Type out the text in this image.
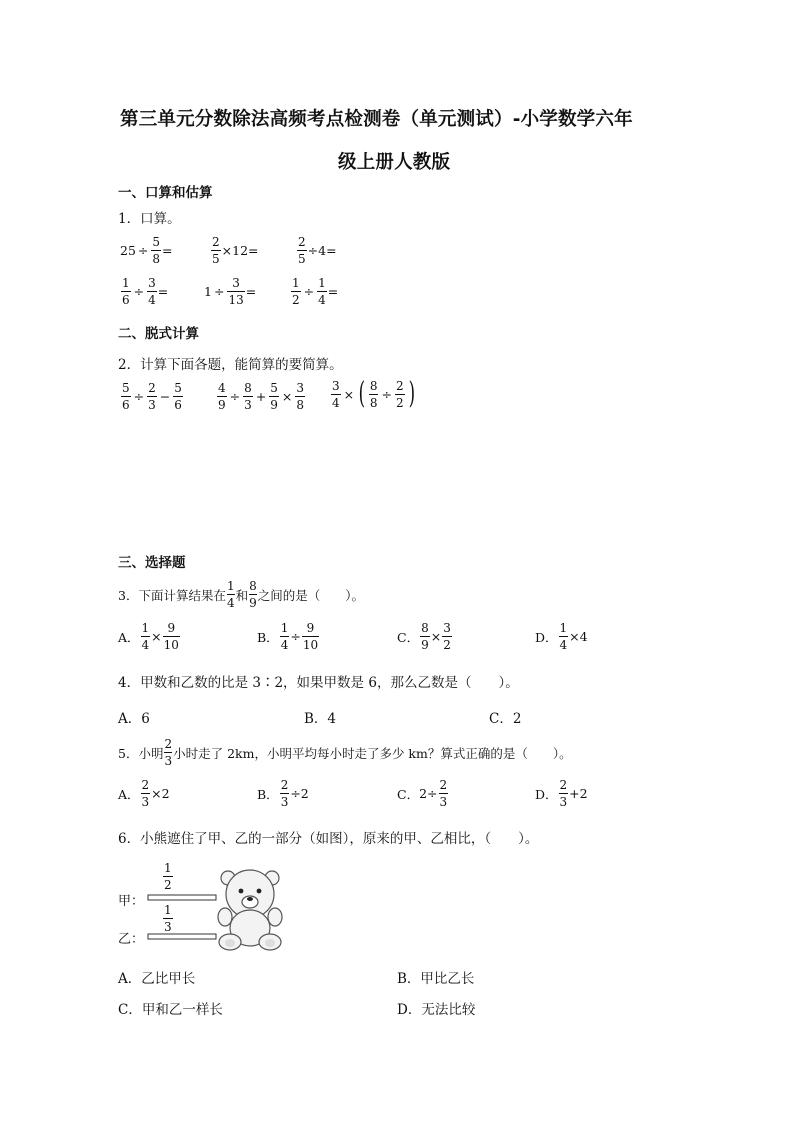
第三单元分数除法高频考点检测卷（单元测试）-小学数学六年
级上册人教版
一、口算和估算
1．口算。
$25 \div \frac{5}{8}$ =	$\frac{2}{5} \times 12$ =	$\frac{2}{5} \div 4$ =
$\frac{1}{6} \div \frac{3}{4}$ =	$1 \div \frac{3}{13}$ =	$\frac{1}{2} \div \frac{1}{4}$ =
二、脱式计算
2．计算下面各题，能简算的要简算。
$\frac{5}{6} \div \frac{2}{3} - \frac{5}{6}$	$\frac{4}{9} \div \frac{8}{3} + \frac{5}{9} \times \frac{3}{8} \frac{3}{4}$ × ( $\frac{8}{8} \div \frac{2}{2}$ )
三、选择题
3．下面计算结果在 $\frac{1}{4}$ 和 $\frac{8}{9}$ 之间的是（　　）。
A． $\frac{1}{4} \times \frac{9}{10}$	B． $\frac{1}{4} \div \frac{9}{10}$	C． $\frac{8}{9} \times \frac{3}{2}$	D． $\frac{1}{4} \times 4$
4．甲数和乙数的比是 3∶2，如果甲数是 6，那么乙数是（　　）。
A．6	B．4	C．2
5．小明 $\frac{2}{3}$ 小时走了 2km，小明平均每小时走了多少 km？算式正确的是（　　）。
A． $\frac{2}{3} \times 2$	B． $\frac{2}{3} \div 2$	C． $2\div \frac{2}{3}$	D． $\frac{2}{3} +2$
6．小熊遮住了甲、乙的一部分（如图），原来的甲、乙相比，（　　）。
甲：
乙：
$\frac{1}{2}$
$\frac{1}{3}$
A．乙比甲长	B．甲比乙长
C．甲和乙一样长	D．无法比较
